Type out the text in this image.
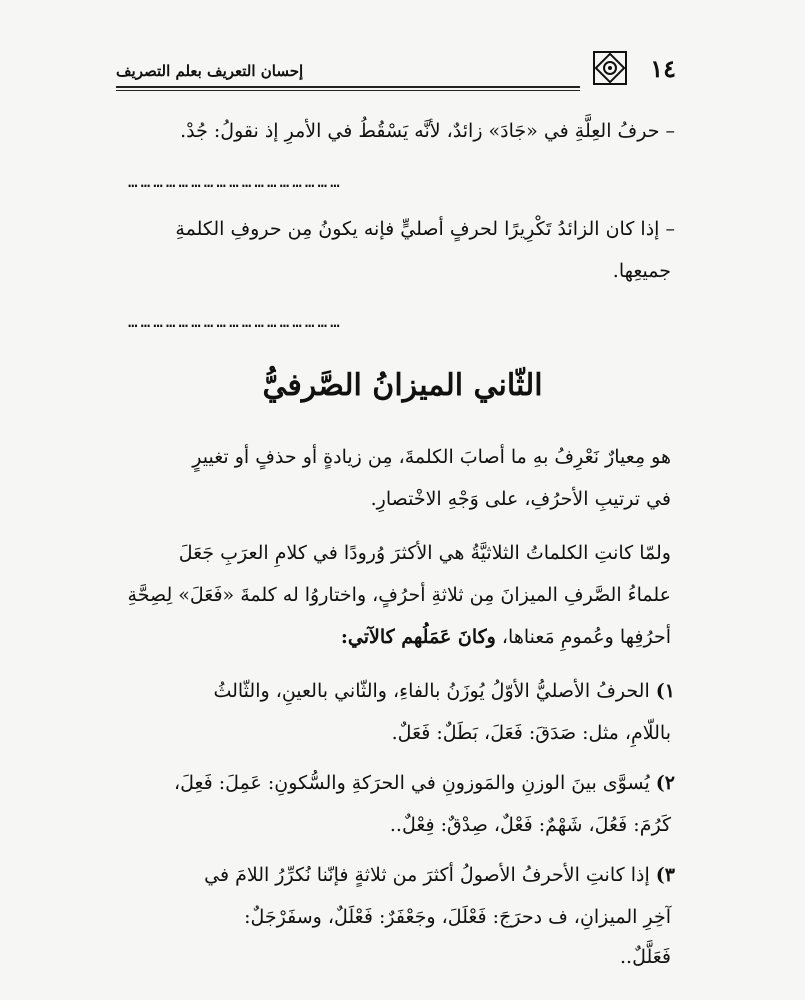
١٤
إحسان التعريف بعلم التصريف
– حرفُ العِلَّةِ في «جَادَ» زائدٌ، لأنَّه يَسْقُطُ في الأمرِ إذ نقولُ: جُدْ.
……………………………………………
– إذا كان الزائدُ تَكْرِيرًا لحرفٍ أصليٍّ فإنه يكونُ مِن حروفِ الكلمةِ
جميعِها.
……………………………………………
الثّاني الميزانُ الصَّرفيُّ
هو مِعيارٌ نَعْرِفُ بهِ ما أصابَ الكلمةَ، مِن زيادةٍ أو حذفٍ أو تغييرٍ
في ترتيبِ الأحرُفِ، على وَجْهِ الاخْتصارِ.
ولمّا كانتِ الكلماتُ الثلاثيَّةُ هي الأكثرَ وُرودًا في كلامِ العرَبِ جَعَلَ
علماءُ الصَّرفِ الميزانَ مِن ثلاثةِ أحرُفٍ، واختاروُا له كلمةَ «فَعَلَ» لِصِحَّةِ
أحرُفِها وعُمومِ مَعناها، وكانَ عَمَلُهم كالآتي:
١) الحرفُ الأصليُّ الأوّلُ يُوزَنُ بالفاءِ، والثّاني بالعينِ، والثّالثُ
باللّامِ، مثل: صَدَقَ: فَعَلَ، بَطَلٌ: فَعَلٌ.
٢) يُسوَّى بينَ الوزنِ والمَوزونِ في الحرَكةِ والسُّكونِ: عَمِلَ: فَعِلَ،
كَرُمَ: فَعُلَ، شَهْمٌ: فَعْلٌ، صِدْقٌ: فِعْلٌ..
٣) إذا كانتِ الأحرفُ الأصولُ أكثرَ من ثلاثةٍ فإنّنا نُكرِّرُ اللامَ في
آخِرِ الميزانِ، ف دحرَجَ: فَعْلَلَ، وجَعْفَرٌ: فَعْلَلٌ، وسفَرْجَلٌ:
فَعَلَّلٌ..
